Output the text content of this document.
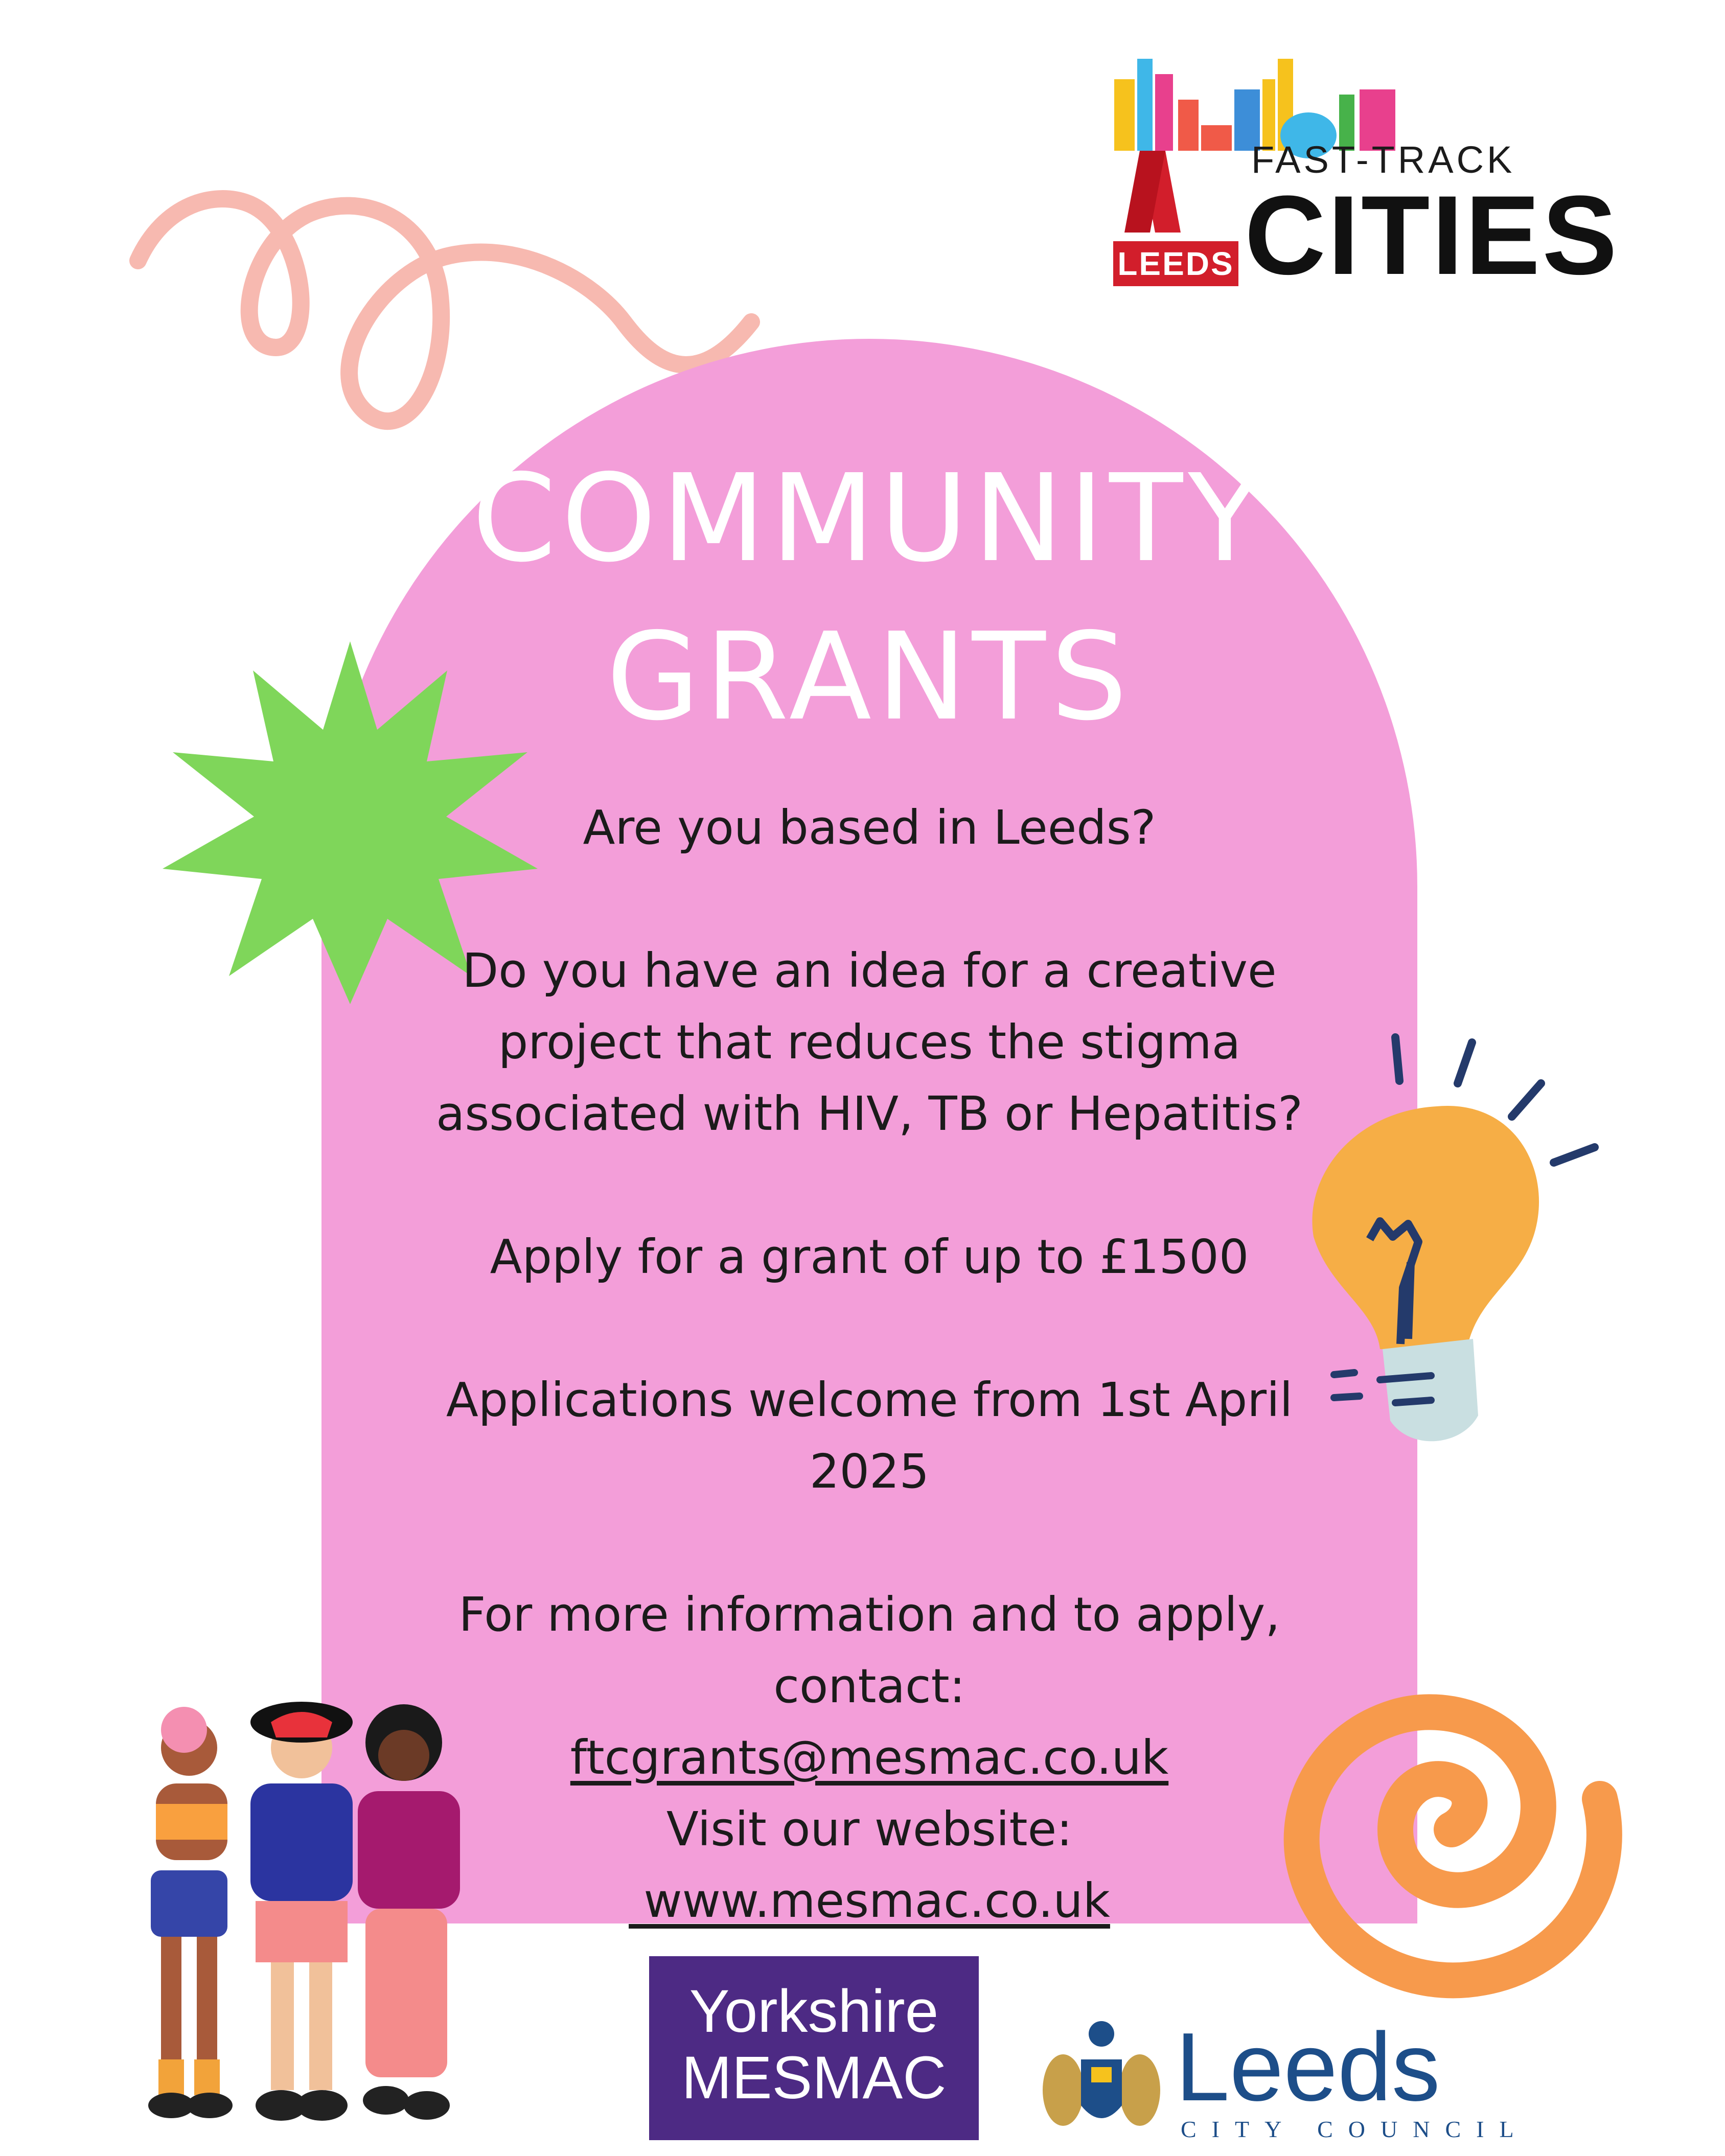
COMMUNITY
GRANTS

Are you based in Leeds?

Do you have an idea for a creative

project that reduces the stigma

associated with HIV, TB or Hepatitis?

Apply for a grant of up to £1500

Applications welcome from 1st April

2025

For more information and to apply,

contact:

ftcgrants@mesmac.co.uk

Visit our website:

www.mesmac.co.uk

LEEDS
FAST-TRACK
CITIES
Yorkshire
MESMAC	Leeds
CITY COUNCIL
